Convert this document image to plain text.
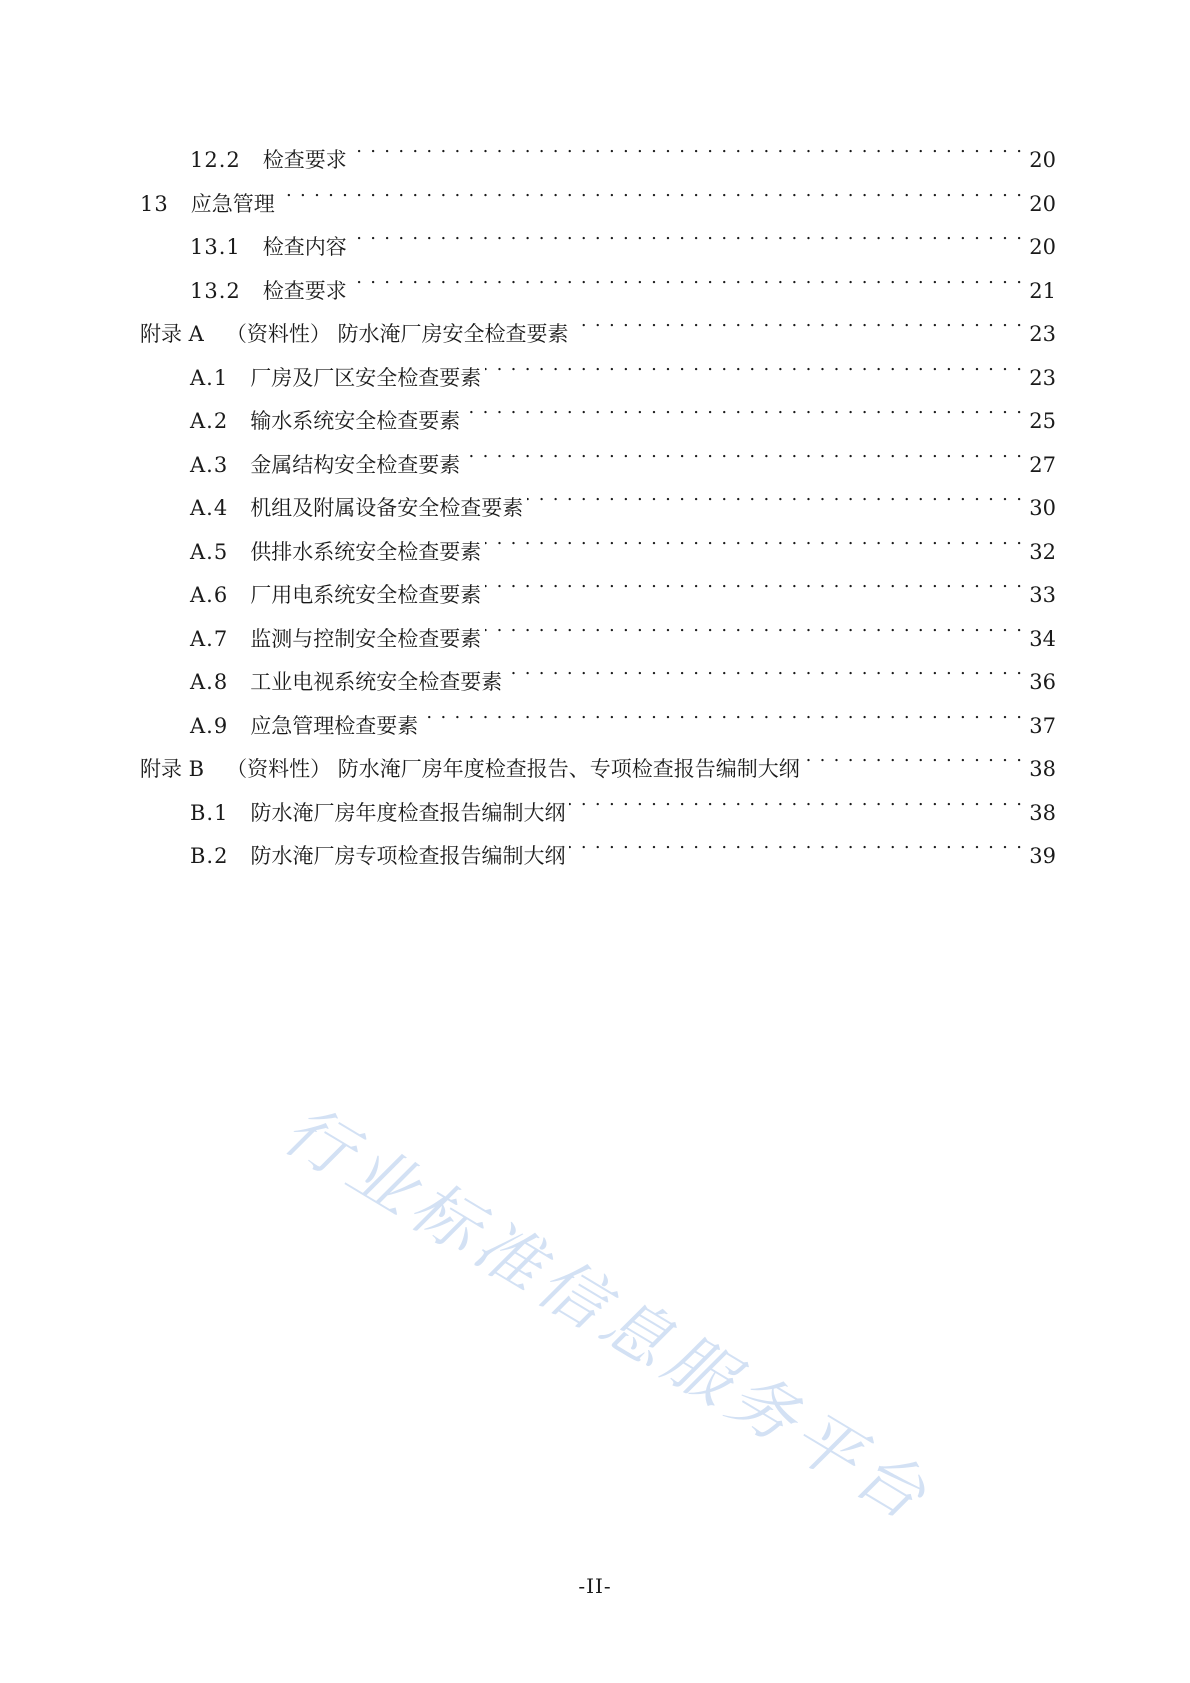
12.2 检查要求 . . .	20
13 应急管理 . . .	20
13.1 检查内容 . . .	20
13.2 检查要求 . . .	21
附录 A （资料性） 防水淹厂房安全检查要素 . . .	23
A.1 厂房及厂区安全检查要素 . . .	23
A.2 输水系统安全检查要素 . . .	25
A.3 金属结构安全检查要素 . . .	27
A.4 机组及附属设备安全检查要素 . . .	30
A.5 供排水系统安全检查要素 . . .	32
A.6 厂用电系统安全检查要素 . . .	33
A.7 监测与控制安全检查要素 . . .	34
A.8 工业电视系统安全检查要素 . . .	36
A.9 应急管理检查要素 . . .	37
附录 B （资料性） 防水淹厂房年度检查报告、专项检查报告编制大纲 . . .	38
B.1 防水淹厂房年度检查报告编制大纲 . . .	38
B.2 防水淹厂房专项检查报告编制大纲 . . .	39
行业标准信息服务平台
-II-
